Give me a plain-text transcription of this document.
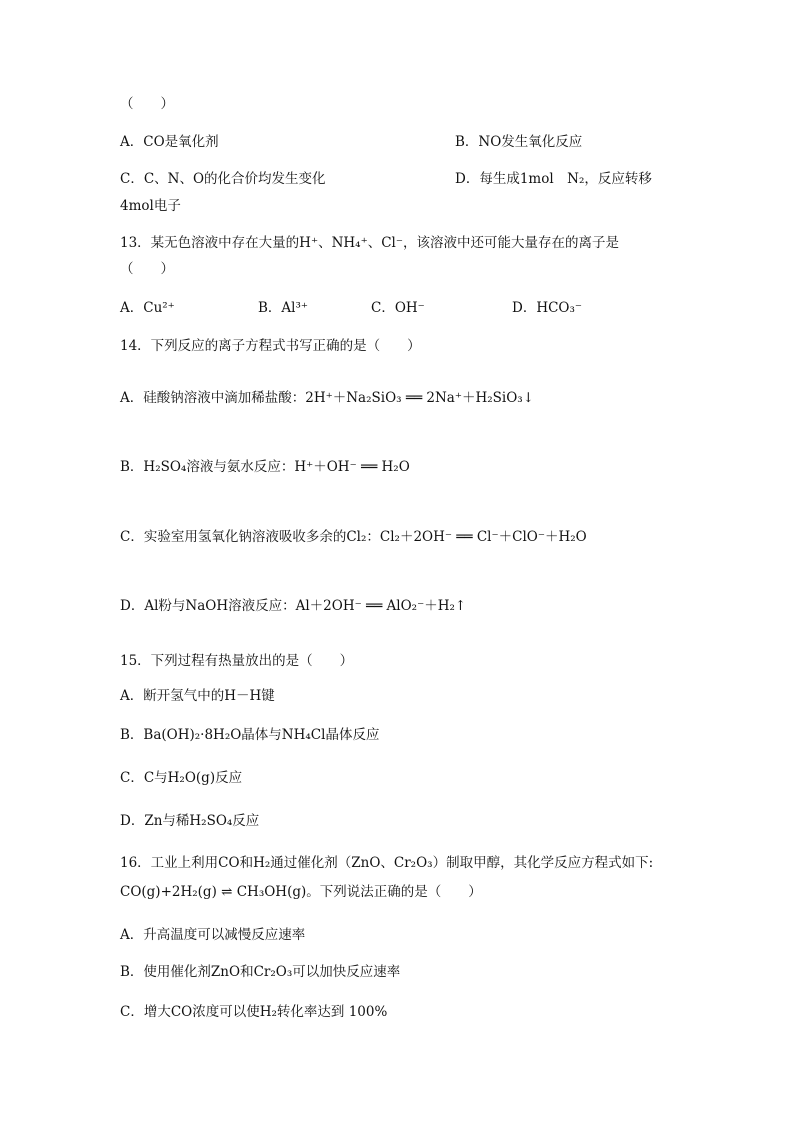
（　　）
A．CO是氧化剂	B．NO发生氧化反应
C．C、N、O的化合价均发生变化	D．每生成1mol　N₂，反应转移
4mol电子
13．某无色溶液中存在大量的H⁺、NH₄⁺、Cl⁻，该溶液中还可能大量存在的离子是
（　　）
A．Cu²⁺	B．Al³⁺	C．OH⁻	D．HCO₃⁻
14．下列反应的离子方程式书写正确的是（　　）
A．硅酸钠溶液中滴加稀盐酸：2H⁺＋Na₂SiO₃ ══ 2Na⁺＋H₂SiO₃↓
B．H₂SO₄溶液与氨水反应：H⁺＋OH⁻ ══ H₂O
C．实验室用氢氧化钠溶液吸收多余的Cl₂：Cl₂＋2OH⁻ ══ Cl⁻＋ClO⁻＋H₂O
D．Al粉与NaOH溶液反应：Al＋2OH⁻ ══ AlO₂⁻＋H₂↑
15．下列过程有热量放出的是（　　）
A．断开氢气中的H－H键
B．Ba(OH)₂·8H₂O晶体与NH₄Cl晶体反应
C．C与H₂O(g)反应
D．Zn与稀H₂SO₄反应
16．工业上利用CO和H₂通过催化剂（ZnO、Cr₂O₃）制取甲醇，其化学反应方程式如下:
CO(g)+2H₂(g) ⇌ CH₃OH(g)。下列说法正确的是（　　）
A．升高温度可以减慢反应速率
B．使用催化剂ZnO和Cr₂O₃可以加快反应速率
C．增大CO浓度可以使H₂转化率达到 100%
